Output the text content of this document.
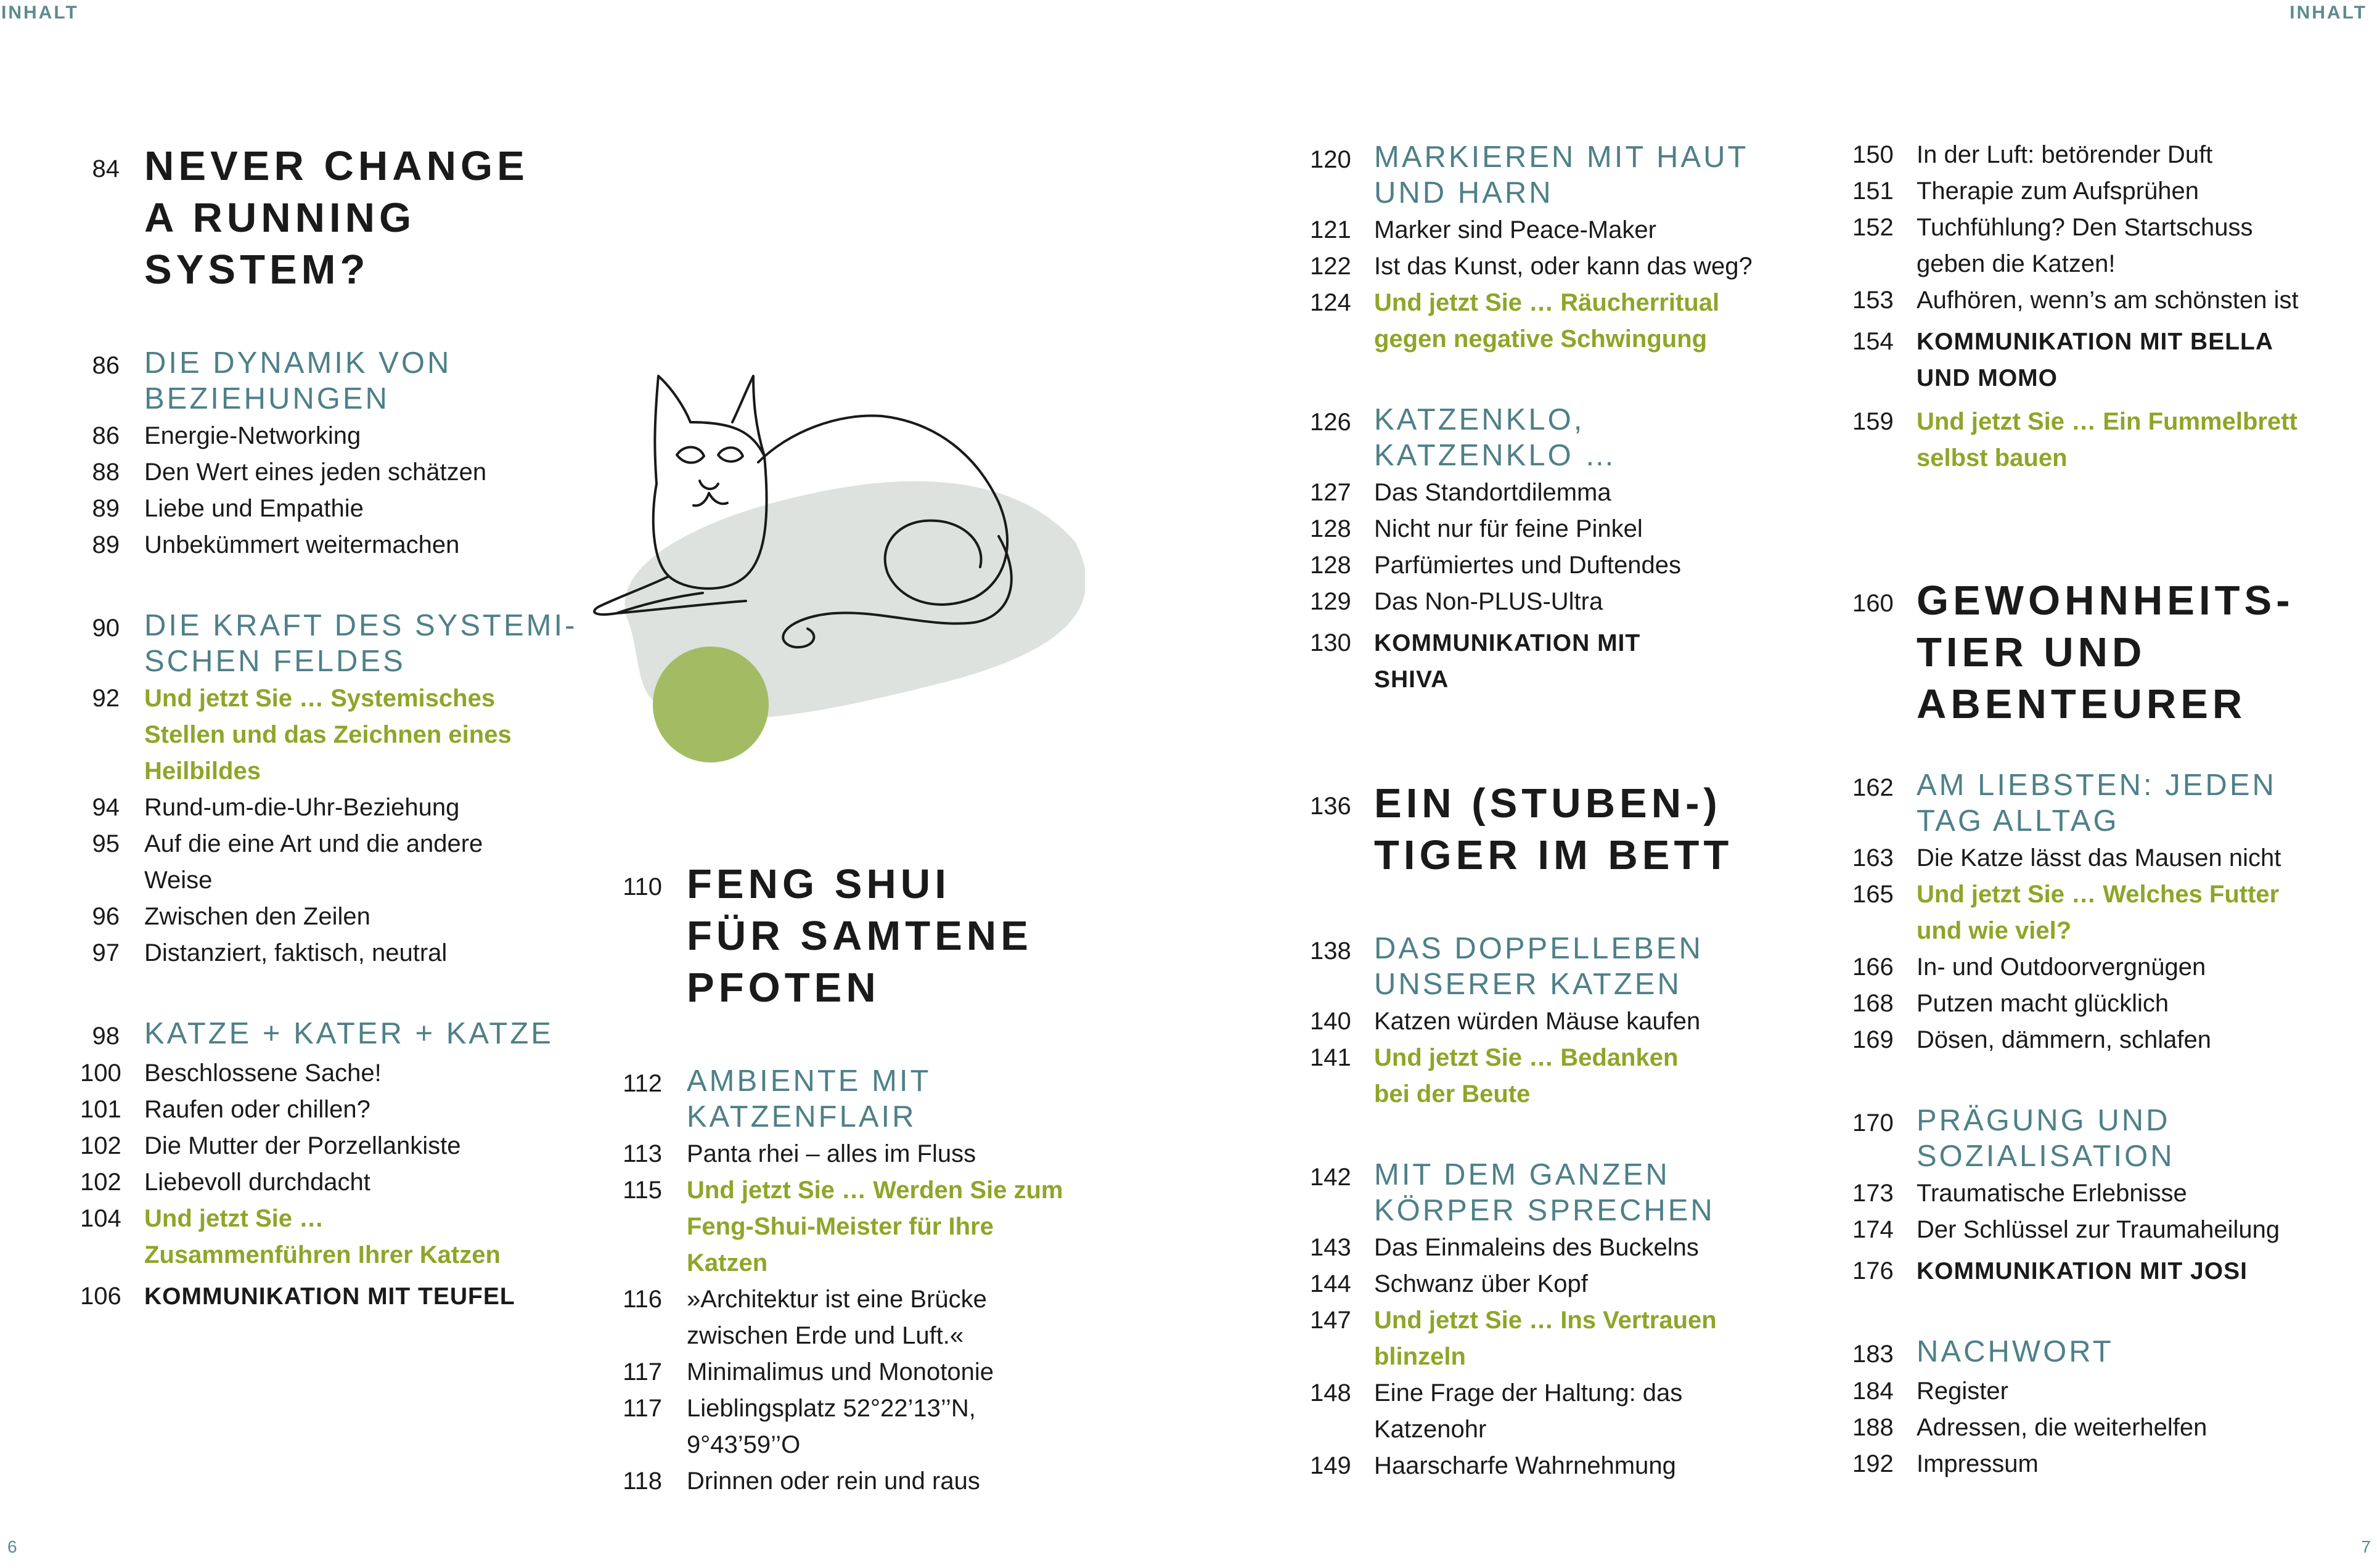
INHALT	INHALT
84 NEVER CHANGE
A RUNNING
SYSTEM?
86 DIE DYNAMIK VON
BEZIEHUNGEN
86	Energie-Networking
88	Den Wert eines jeden schätzen
89	Liebe und Empathie
89	Unbekümmert weitermachen
90 DIE KRAFT DES SYSTEMI-
SCHEN FELDES
92	Und jetzt Sie … Systemisches
Stellen und das Zeichnen eines
Heilbildes
94	Rund-um-die-Uhr-Beziehung
95	Auf die eine Art und die andere
Weise
96	Zwischen den Zeilen
97	Distanziert, faktisch, neutral
98 KATZE + KATER + KATZE
100 Beschlossene Sache!
101 Raufen oder chillen?
102 Die Mutter der Porzellankiste
102 Liebevoll durchdacht
104 Und jetzt Sie …
Zusammenführen Ihrer Katzen
106 KOMMUNIKATION MIT TEUFEL
110 FENG SHUI
FÜR SAMTENE
PFOTEN
112 AMBIENTE MIT
KATZENFLAIR
113	Panta rhei – alles im Fluss
115	Und jetzt Sie … Werden Sie zum
Feng-Shui-Meister für Ihre
Katzen
116	»Architektur ist eine Brücke
zwischen Erde und Luft.«
117	Minimalimus und Monotonie
117	Lieblingsplatz 52°22’13’’N,
9°43’59’’O
118	Drinnen oder rein und raus
120 MARKIEREN MIT HAUT
UND HARN
121 Marker sind Peace-Maker
122 Ist das Kunst, oder kann das weg?
124 Und jetzt Sie … Räucherritual
gegen negative Schwingung
126 KATZENKLO,
KATZENKLO …
127 Das Standortdilemma
128 Nicht nur für feine Pinkel
128 Parfümiertes und Duftendes
129 Das Non-PLUS-Ultra
130 KOMMUNIKATION MIT
SHIVA
136 EIN (STUBEN-)
TIGER IM BETT
138 DAS DOPPELLEBEN
UNSERER KATZEN
140 Katzen würden Mäuse kaufen
141 Und jetzt Sie … Bedanken
bei der Beute
142 MIT DEM GANZEN
KÖRPER SPRECHEN
143 Das Einmaleins des Buckelns
144 Schwanz über Kopf
147 Und jetzt Sie … Ins Vertrauen
blinzeln
148 Eine Frage der Haltung: das
Katzenohr
149 Haarscharfe Wahrnehmung
150 In der Luft: betörender Duft
151 Therapie zum Aufsprühen
152 Tuchfühlung? Den Startschuss
geben die Katzen!
153 Aufhören, wenn’s am schönsten ist
154 KOMMUNIKATION MIT BELLA
UND MOMO
159 Und jetzt Sie … Ein Fummelbrett
selbst bauen
160 GEWOHNHEITS-
TIER UND
ABENTEURER
162 AM LIEBSTEN: JEDEN
TAG ALLTAG
163 Die Katze lässt das Mausen nicht
165 Und jetzt Sie … Welches Futter
und wie viel?
166 In- und Outdoorvergnügen
168 Putzen macht glücklich
169 Dösen, dämmern, schlafen
170 PRÄGUNG UND
SOZIALISATION
173 Traumatische Erlebnisse
174 Der Schlüssel zur Traumaheilung
176 KOMMUNIKATION MIT JOSI
183 NACHWORT
184 Register
188 Adressen, die weiterhelfen
192 Impressum
6	7
